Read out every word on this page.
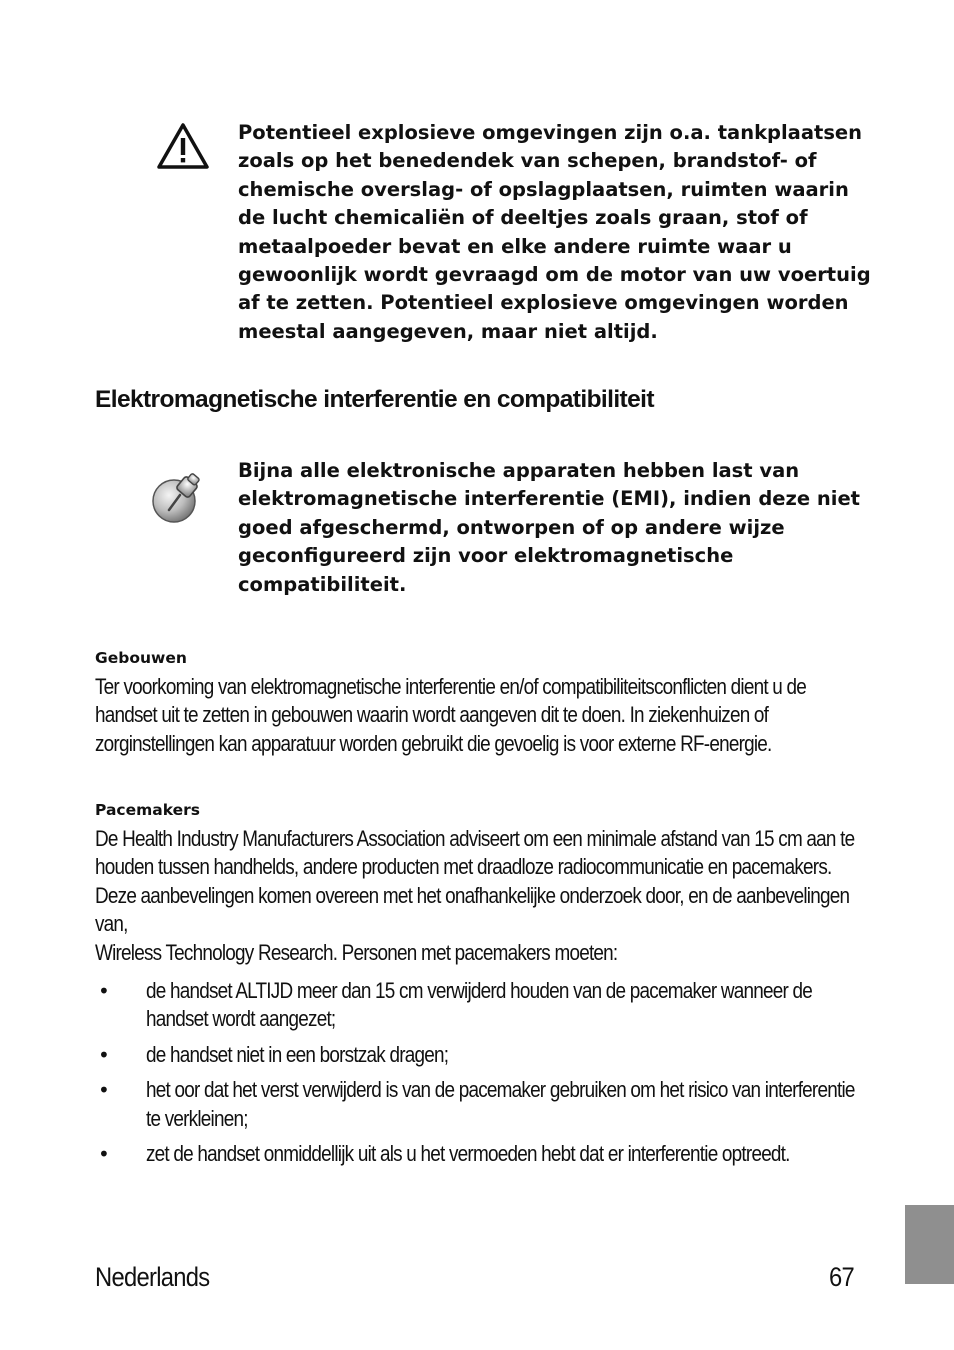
Potentieel explosieve omgevingen zijn o.a. tankplaatsen zoals op het benedendek van schepen, brandstof- of chemische overslag- of opslagplaatsen, ruimten waarin de lucht chemicaliën of deeltjes zoals graan, stof of metaalpoeder bevat en elke andere ruimte waar u gewoonlijk wordt gevraagd om de motor van uw voertuig af te zetten. Potentieel explosieve omgevingen worden meestal aangegeven, maar niet altijd.
Elektromagnetische interferentie en compatibiliteit
Bijna alle elektronische apparaten hebben last van elektromagnetische interferentie (EMI), indien deze niet goed afgeschermd, ontworpen of op andere wijze geconfigureerd zijn voor elektromagnetische compatibiliteit.
Gebouwen

Ter voorkoming van elektromagnetische interferentie en/of compatibiliteitsconflicten dient u de handset uit te zetten in gebouwen waarin wordt aangeven dit te doen. In ziekenhuizen of zorginstellingen kan apparatuur worden gebruikt die gevoelig is voor externe RF-energie.

Pacemakers
De Health Industry Manufacturers Association adviseert om een minimale afstand van 15 cm aan te houden tussen handhelds, andere producten met draadloze radiocommunicatie en pacemakers. Deze aanbevelingen komen overeen met het onafhankelijke onderzoek door, en de aanbevelingen van,
Wireless Technology Research. Personen met pacemakers moeten:
• de handset ALTIJD meer dan 15 cm verwijderd houden van de pacemaker wanneer de handset wordt aangezet;
• de handset niet in een borstzak dragen;
• het oor dat het verst verwijderd is van de pacemaker gebruiken om het risico van interferentie te verkleinen;
• zet de handset onmiddellijk uit als u het vermoeden hebt dat er interferentie optreedt.
Nederlands	67
